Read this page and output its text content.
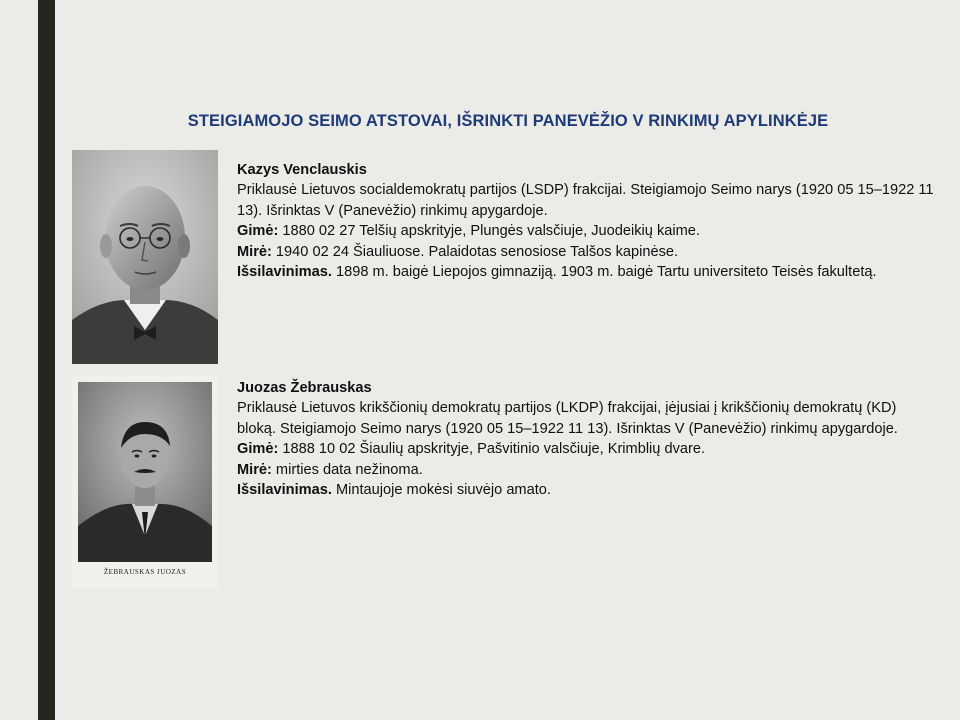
STEIGIAMOJO SEIMO ATSTOVAI, IŠRINKTI PANEVĖŽIO V RINKIMŲ APYLINKĖJE

Kazys Venclauskis

Priklausė Lietuvos socialdemokratų partijos (LSDP) frakcijai. Steigiamojo Seimo narys (1920 05 15–1922 11 13). Išrinktas V (Panevėžio) rinkimų apygardoje.

Gimė: 1880 02 27 Telšių apskrityje, Plungės valsčiuje, Juodeikių kaime.

Mirė: 1940 02 24 Šiauliuose. Palaidotas senosiose Talšos kapinėse.

Išsilavinimas. 1898 m. baigė Liepojos gimnaziją. 1903 m. baigė Tartu universiteto Teisės fakultetą.

ŽEBRAUSKAS JUOZAS

Juozas Žebrauskas

Priklausė Lietuvos krikščionių demokratų partijos (LKDP) frakcijai, įėjusiai į krikščionių demokratų (KD) bloką. Steigiamojo Seimo narys (1920 05 15–1922 11 13). Išrinktas V (Panevėžio) rinkimų apygardoje.

Gimė: 1888 10 02 Šiaulių apskrityje, Pašvitinio valsčiuje, Krimblių dvare.

Mirė: mirties data nežinoma.

Išsilavinimas. Mintaujoje mokėsi siuvėjo amato.
